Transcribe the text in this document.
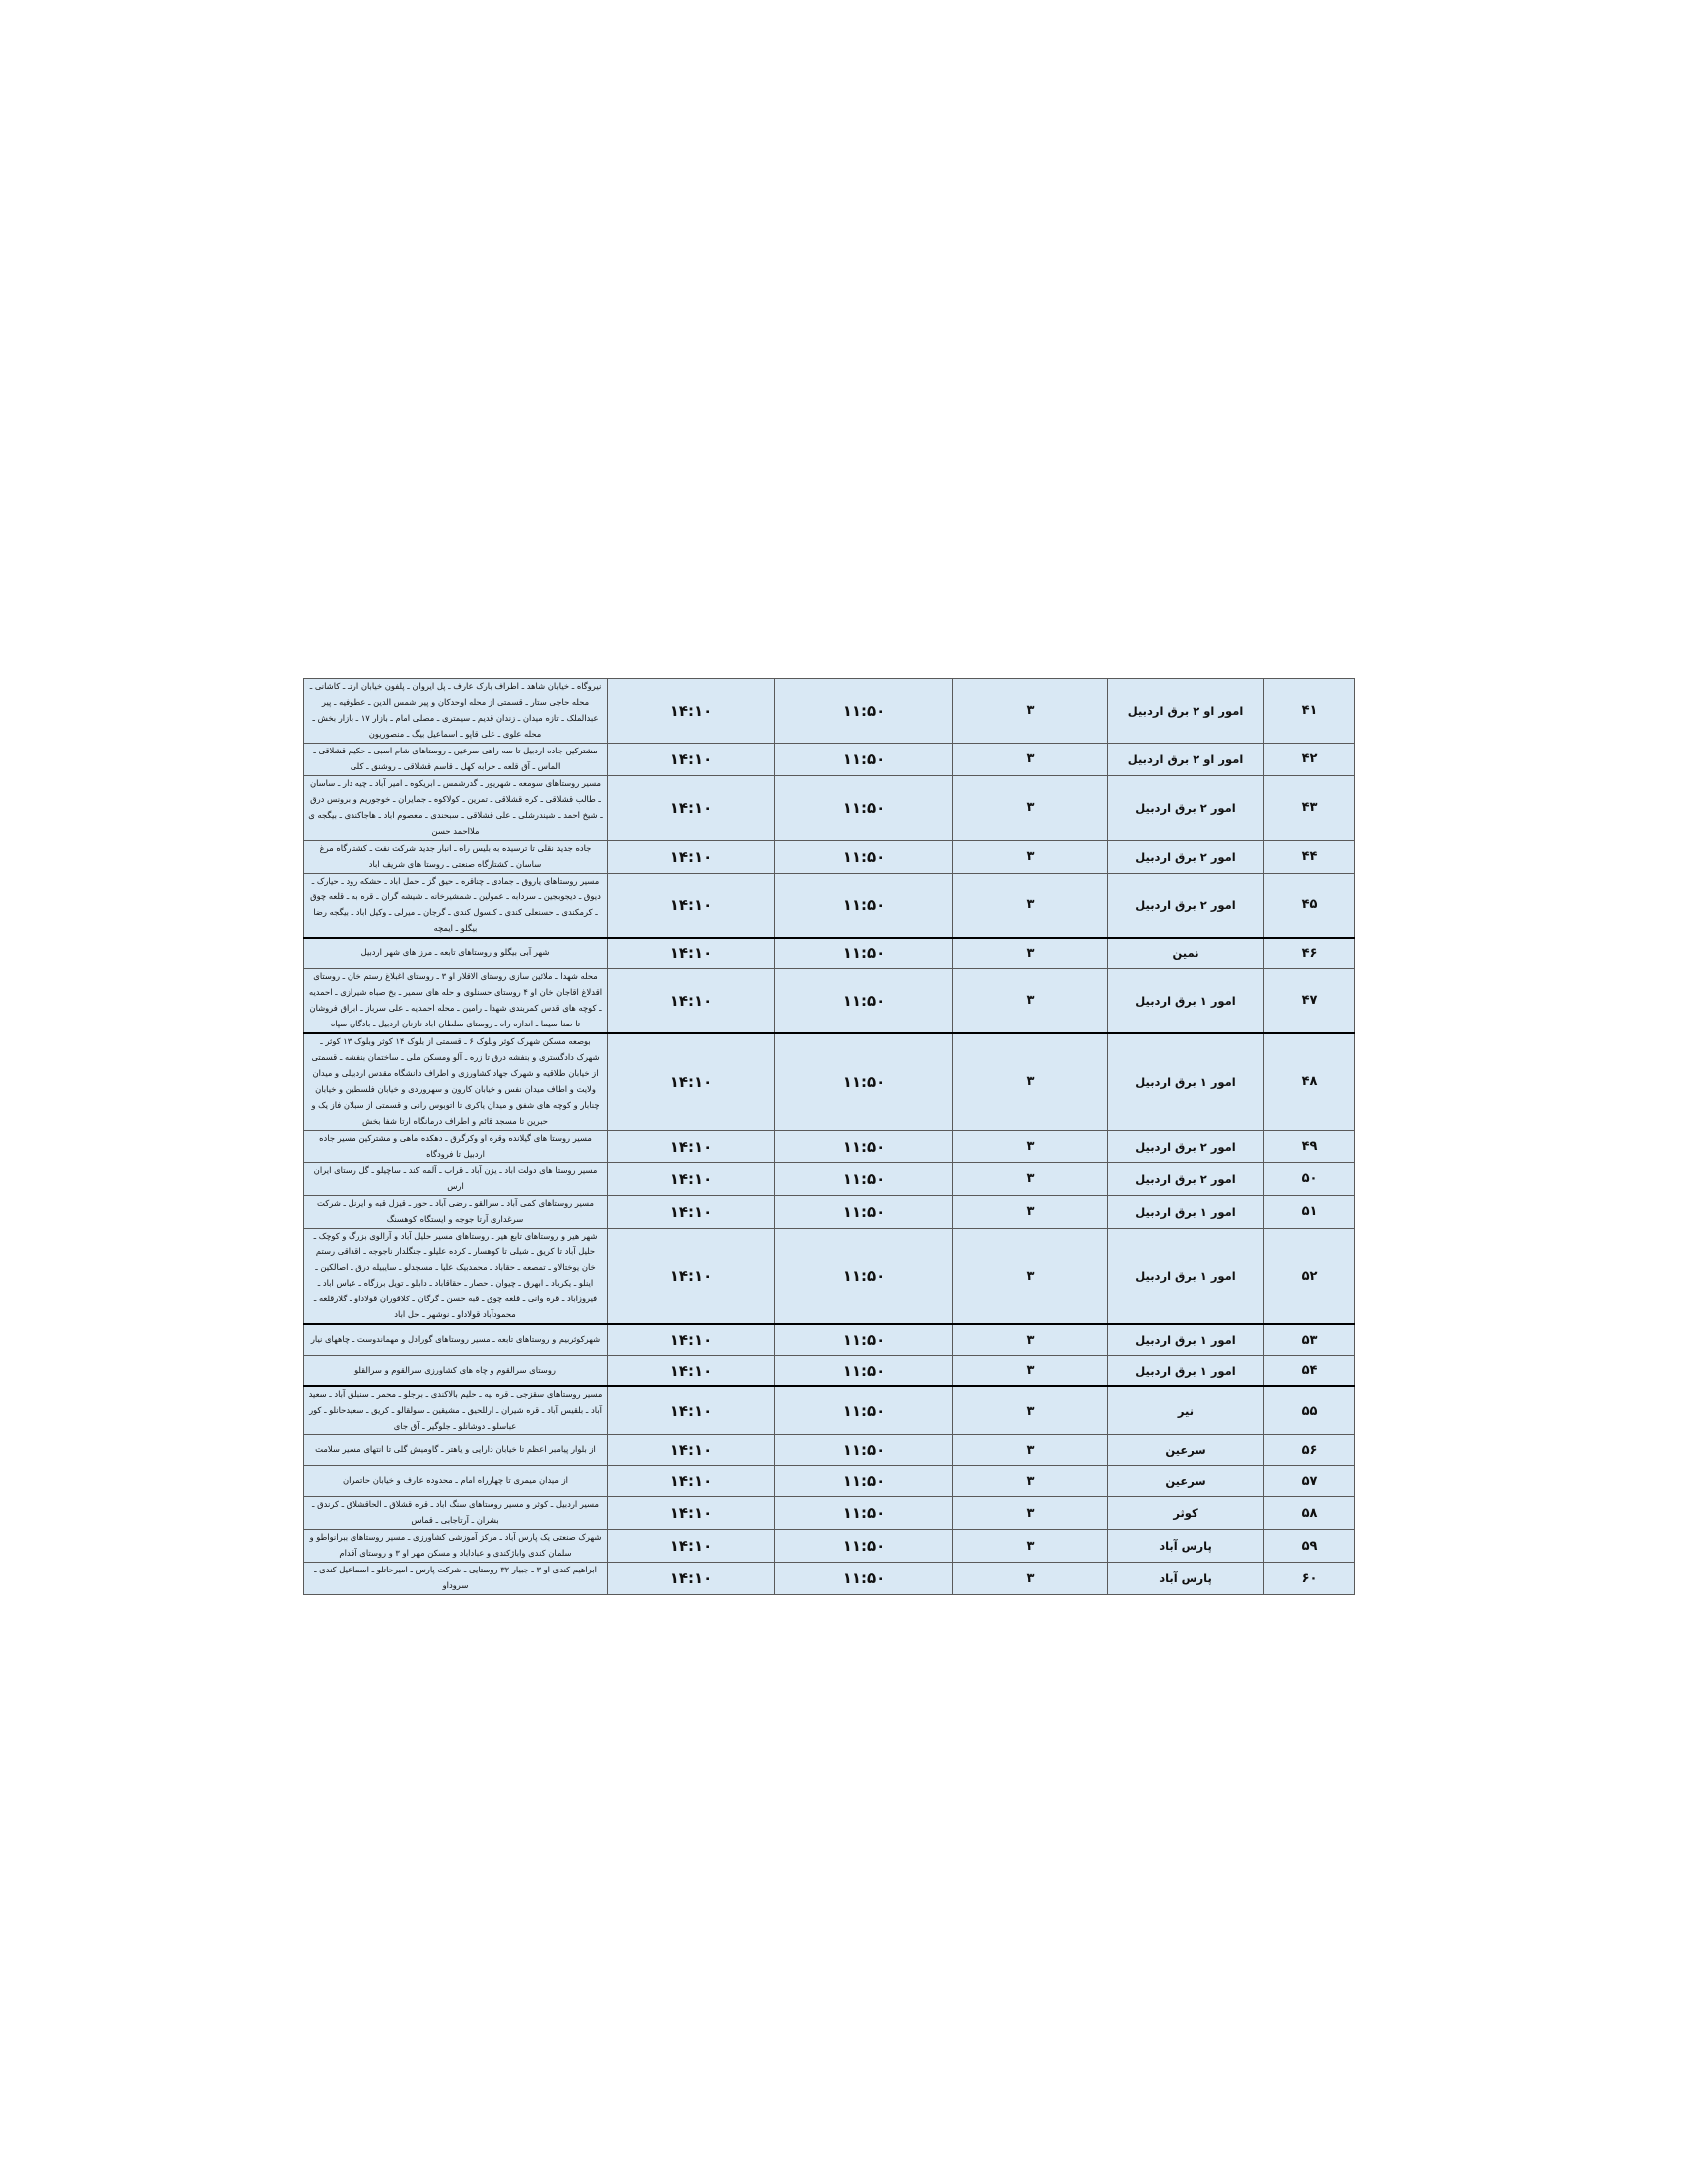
۴۱	امور او ۲ برق اردبیل	۳	۱۱:۵۰	۱۴:۱۰	نیروگاه ـ خیابان شاهد ـ اطراف بارک عارف ـ پل ایروان ـ پلفون خیابان ارتـ ـ کاشانی ـ محله حاجی ستار ـ قسمتی از محله اوحدکان و پیر شمس الدین ـ عطوفیه ـ پیر عبدالملک ـ تازه میدان ـ زندان قدیم ـ سیمتری ـ مصلی امام ـ بازار ۱۷ ـ بازار بخش ـ محله علوی ـ علی قاپو ـ اسماعیل بیگ ـ منصوریون
۴۲	امور او ۲ برق اردبیل	۳	۱۱:۵۰	۱۴:۱۰	مشترکین جاده اردبیل تا سه راهی سرعین ـ روستاهای شام اسبی ـ حکیم قشلاقی ـ الماس ـ آق قلعه ـ حرابه کهل ـ قاسم قشلاقی ـ روشنق ـ کلی
۴۳	امور ۲ برق اردبیل	۳	۱۱:۵۰	۱۴:۱۰	مسیر روستاهای سومعه ـ شهریور ـ گدرشمس ـ ابریکوه ـ امیر آباد ـ چیه دار ـ ساسان ـ طالب قشلاقی ـ کره قشلاقی ـ تمرین ـ کولاکوه ـ جمایران ـ خوجوریم و برونس درق ـ شیخ احمد ـ شیندرشلی ـ علی قشلاقی ـ سبحندی ـ معصوم اباد ـ هاجاکندی ـ بیگجه ی ملااحمد حسن
۴۴	امور ۲ برق اردبیل	۳	۱۱:۵۰	۱۴:۱۰	جاده جدید نقلی تا ترسیده به بلیس راه ـ انبار جدید شرکت نفت ـ کشتارگاه مرغ ساسان ـ کشتارگاه صنعتی ـ روستا های شریف اباد
۴۵	امور ۲ برق اردبیل	۳	۱۱:۵۰	۱۴:۱۰	مسیر روستاهای یاروق ـ جمادی ـ چناقره ـ حیق گز ـ حمل اباد ـ حشکه رود ـ حیارک ـ دیوق ـ دیجوبجین ـ سردابه ـ عمولین ـ شمشیرخانه ـ شیشه گران ـ قره به ـ قلعه چوق ـ کرمکندی ـ حسنعلی کندی ـ کنسول کندی ـ گرجان ـ میرلی ـ وکیل اباد ـ بیگجه رضا بیگلو ـ ایمچه
۴۶	نمین	۳	۱۱:۵۰	۱۴:۱۰	شهر آبی بیگلو و روستاهای تابعه ـ مرز های شهر اردبیل
۴۷	امور ۱ برق اردبیل	۳	۱۱:۵۰	۱۴:۱۰	محله شهدا ـ ملائین سازی روستای الاقلار او ۳ ـ روستای اغبلاغ رستم خان ـ روستای اقدلاغ اقاجان خان او ۴ روستای حسنلوی و حله های سمیر ـ بخ صباه شیرازی ـ احمدیه ـ کوچه های قدس کمربندی شهدا ـ رامین ـ محله احمدیه ـ علی سرباز ـ ابراق فروشان تا صنا سیما ـ اندازه راه ـ روستای سلطان اباد نازنان اردبیل ـ بادگان سپاه
۴۸	امور ۱ برق اردبیل	۳	۱۱:۵۰	۱۴:۱۰	بوصعه مسکن شهرک کوثر وبلوک ۶ ـ قسمتی از بلوک ۱۴ کوثر وبلوک ۱۳ کوثر ـ شهرک دادگستری و بنفشه درق تا زره ـ آلو ومسکن ملی ـ ساختمان بنفشه ـ قسمتی از خیابان طلاقیه و شهرک جهاد کشاورزی و اطراف دانشگاه مقدس اردبیلی و میدان ولایت و اطاف میدان نفس و خیابان کارون و سهروردی و خیابان فلسطین و خیابان چنابار و کوچه های شفق و میدان یاکری تا اتوبوس رانی و قسمتی از سبلان فاز یک و حبرین تا مسجد قائم و اطراف درمانگاه ارتا شفا بخش
۴۹	امور ۲ برق اردبیل	۳	۱۱:۵۰	۱۴:۱۰	مسیر روستا های گیلانده وقره او وکرگرق ـ دهکده ماهی و مشترکین مسیر جاده اردبیل تا فرودگاه
۵۰	امور ۲ برق اردبیل	۳	۱۱:۵۰	۱۴:۱۰	مسیر روستا های دولت اباد ـ یزن آباد ـ قراب ـ آلمه کند ـ ساچیلو ـ گل رستای ایران ارس
۵۱	امور ۱ برق اردبیل	۳	۱۱:۵۰	۱۴:۱۰	مسیر روستاهای کمی آباد ـ سرالقو ـ رضی آباد ـ حور ـ قیزل قبه و ایرنل ـ شرکت سرغداری آرتا جوجه و ایستگاه کوهسنگ
۵۲	امور ۱ برق اردبیل	۳	۱۱:۵۰	۱۴:۱۰	شهر هیر و روستاهای تابع هیر ـ روستاهای مسیر حلیل آباد و آرالوی بزرگ و کوچک ـ حلیل آباد تا کریق ـ شیلی تا کوهسار ـ کرده علیلو ـ جنگلدار ناجوجه ـ اقداقی رستم خان یوختالاو ـ تمصعه ـ حقاباد ـ محمدبیک علیا ـ مسجدلو ـ سایبیله درق ـ اصالکین ـ اینلو ـ یکرباد ـ ابهرق ـ چیوان ـ حصار ـ حقاقاباد ـ دابلو ـ تویل برزگاه ـ عباس اباد ـ فیروزاباد ـ قره وانی ـ قلعه چوق ـ قبه حسن ـ گرگان ـ کلاقوران قولاداو ـ گلارقلعه ـ محمودآباد قولاداو ـ نوشهر ـ حل اباد
۵۳	امور ۱ برق اردبیل	۳	۱۱:۵۰	۱۴:۱۰	شهرکوثربیم و روستاهای تابعه ـ مسیر روستاهای گورادل و مهماندوست ـ چاههای نیار
۵۴	امور ۱ برق اردبیل	۳	۱۱:۵۰	۱۴:۱۰	روستای سرالقوم و چاه های کشاورزی سرالقوم و سرالقلو
۵۵	نیر	۳	۱۱:۵۰	۱۴:۱۰	مسیر روستاهای سقزجی ـ قره بیه ـ حلیم بالاکندی ـ برجلو ـ محمر ـ سنبلق آباد ـ سعید آباد ـ بلقیس آباد ـ قره شیران ـ ارللحیق ـ مشیقین ـ سولقالو ـ کریق ـ سعیدحانلو ـ کور عباسلو ـ دوشانلو ـ جلوگیر ـ آق جای
۵۶	سرعین	۳	۱۱:۵۰	۱۴:۱۰	از بلوار پیامبر اعظم تا خیابان دارایی و یاهتر ـ گاوميش گلی تا انتهای مسیر سلامت
۵۷	سرعین	۳	۱۱:۵۰	۱۴:۱۰	از میدان میمری تا چهارراه امام ـ محدوده عارف و خیابان حاتمران
۵۸	کوثر	۳	۱۱:۵۰	۱۴:۱۰	مسیر اردبیل ـ کوثر و مسیر روستاهای سنگ اباد ـ قره قشلاق ـ الحاقشلاق ـ کرندق ـ بشران ـ آرتاجابی ـ قماس
۵۹	پارس آباد	۳	۱۱:۵۰	۱۴:۱۰	شهرک صنعتی یک پارس آباد ـ مرکز آموزشی کشاورزی ـ مسیر روستاهای ببرانواطو و سلمان کندی واباژکندی و عباداباد و مسکن مهر او ۳ و روستای آقدام
۶۰	پارس آباد	۳	۱۱:۵۰	۱۴:۱۰	ابراهیم کندی او ۳ ـ جبیار ۳۲ روستایی ـ شرکت پارس ـ امیرحاتلو ـ اسماعیل کندی ـ سروداو
